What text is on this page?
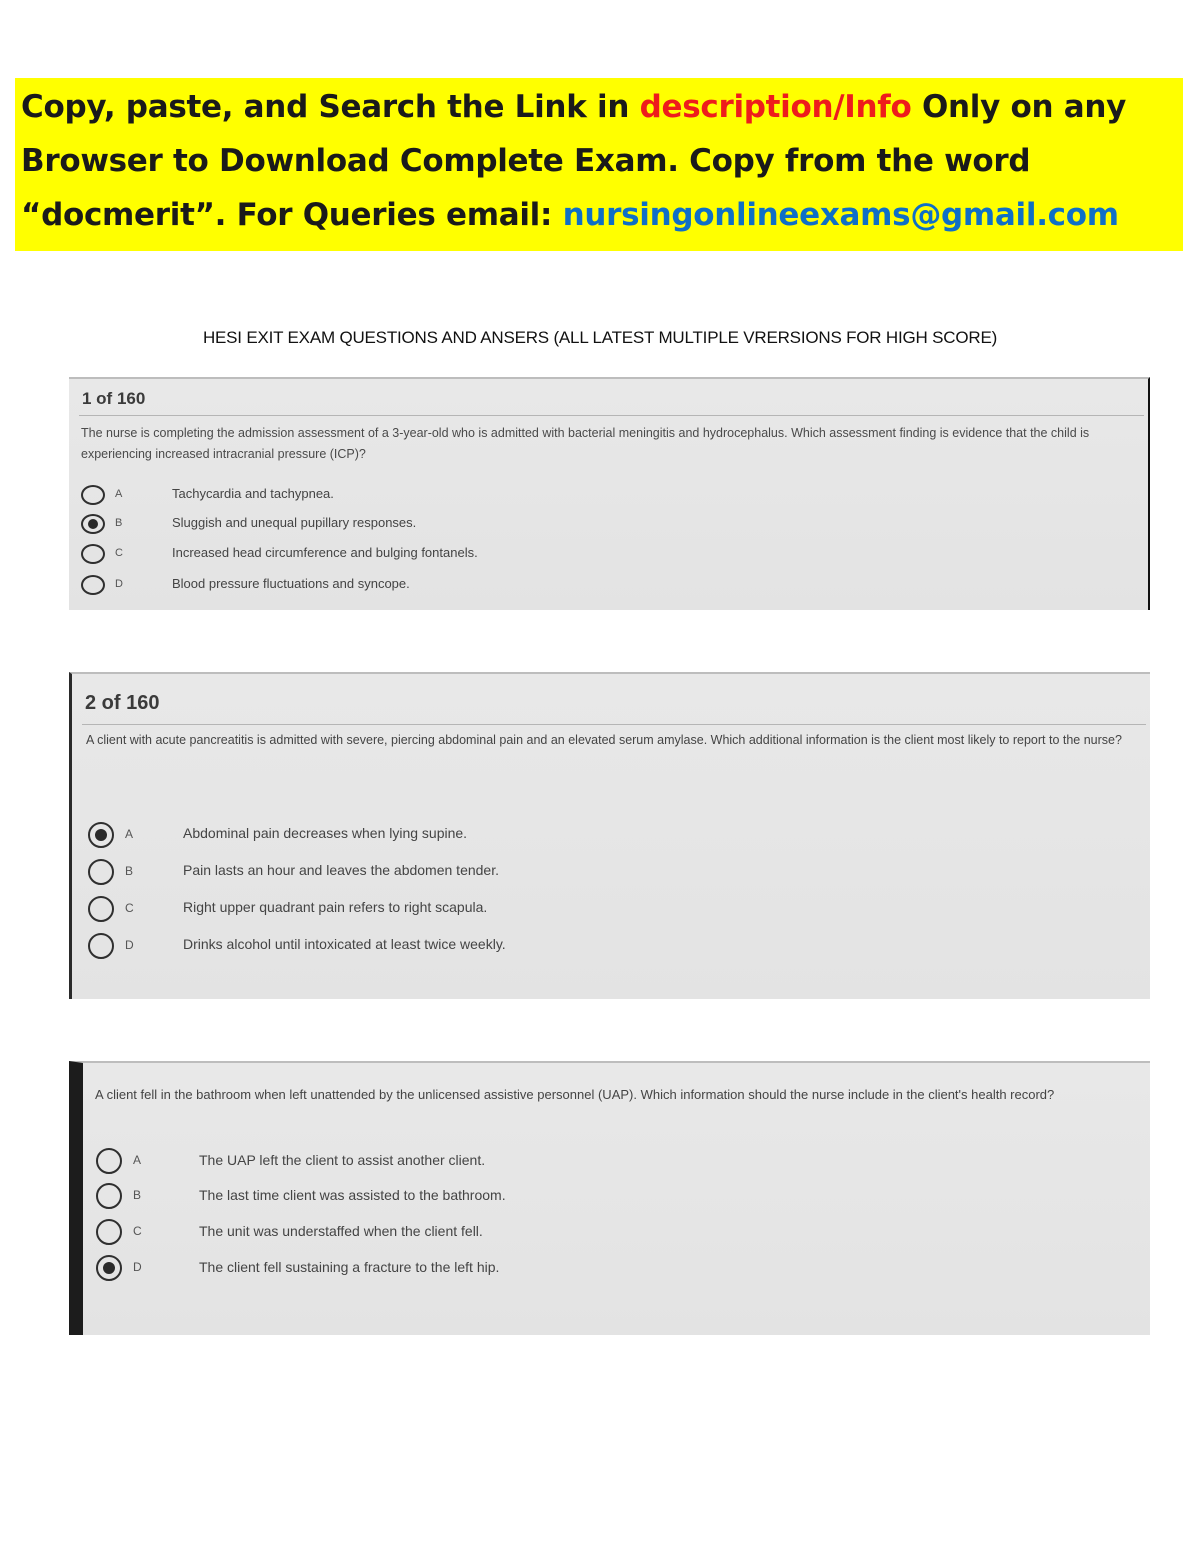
Copy, paste, and Search the Link in description/Info Only on any
Browser to Download Complete Exam. Copy from the word
“docmerit”. For Queries email: nursingonlineexams@gmail.com
HESI EXIT EXAM QUESTIONS AND ANSERS (ALL LATEST MULTIPLE VRERSIONS FOR HIGH SCORE)
1 of 160
The nurse is completing the admission assessment of a 3-year-old who is admitted with bacterial meningitis and hydrocephalus. Which assessment finding is evidence that the child is experiencing increased intracranial pressure (ICP)?
A	Tachycardia and tachypnea.
B	Sluggish and unequal pupillary responses.
C	Increased head circumference and bulging fontanels.
D	Blood pressure fluctuations and syncope.
2 of 160
A client with acute pancreatitis is admitted with severe, piercing abdominal pain and an elevated serum amylase. Which additional information is the client most likely to report to the nurse?
A	Abdominal pain decreases when lying supine.
B	Pain lasts an hour and leaves the abdomen tender.
C	Right upper quadrant pain refers to right scapula.
D	Drinks alcohol until intoxicated at least twice weekly.
A client fell in the bathroom when left unattended by the unlicensed assistive personnel (UAP). Which information should the nurse include in the client's health record?
A	The UAP left the client to assist another client.
B	The last time client was assisted to the bathroom.
C	The unit was understaffed when the client fell.
D	The client fell sustaining a fracture to the left hip.
